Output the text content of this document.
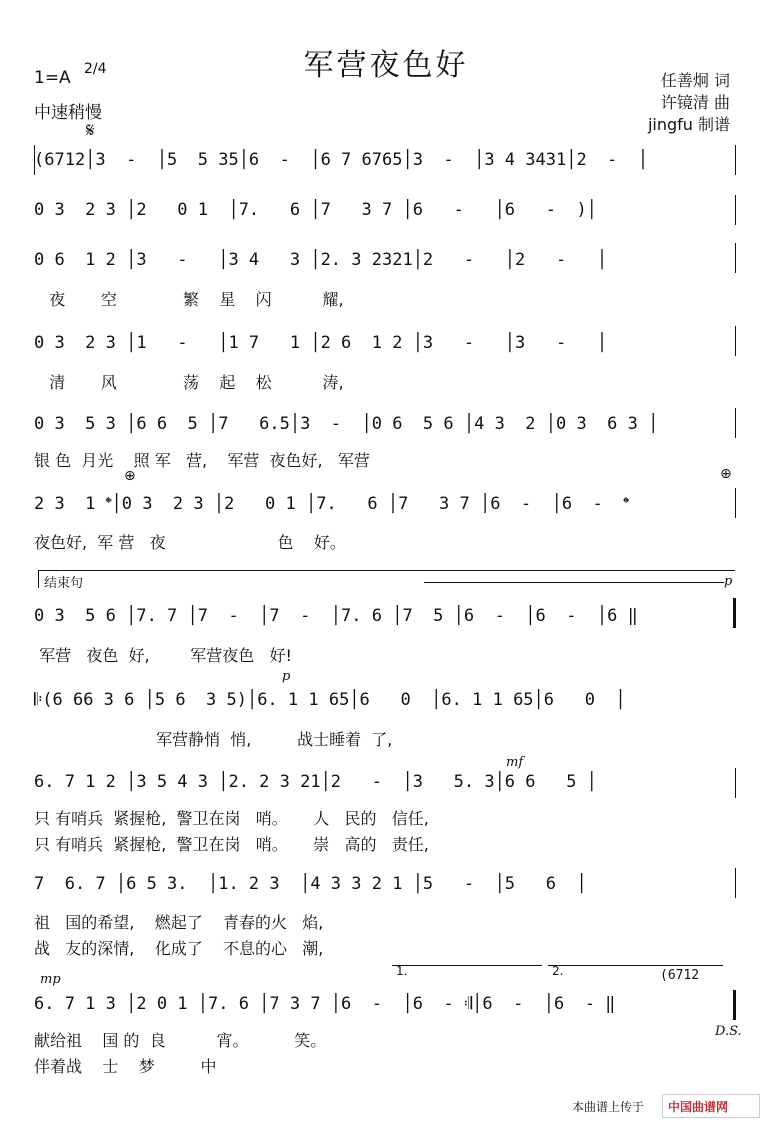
军营夜色好
1=A 2/4
中速稍慢
𝄋
任善炯 词
许镜清 曲
jingfu 制谱
(6712│3  -  │5  5 35│6  -  │6 7 6765│3  -  │3 4 3431│2  -  │
0 3  2 3 │2   0 1  │7.   6 │7   3 7 │6   -   │6   -  )│
0 6  1 2 │3   -   │3 4   3 │2. 3 2321│2   -   │2   -   │
夜       空             繁    星    闪          耀,
0 3  2 3 │1   -   │1 7   1 │2 6  1 2 │3   -   │3   -   │
清       风             荡    起    松          涛,
0 3  5 3 │6 6  5 │7   6.5│3  -  │0 6  5 6 │4 3  2 │0 3  6 3 │
银 色  月光    照 军   营,    军营  夜色好,   军营
⊕	⊕
2 3  1 𝄌│0 3  2 3 │2   0 1 │7.   6 │7   3 7 │6  -  │6  -  𝄌
夜色好,  军 营   夜                      色    好。
结束句	p
0 3  5 6 │7. 7 │7  -  │7  -  │7. 6 │7  5 │6  -  │6  -  │6 ‖
军营   夜色  好,        军营夜色   好!
p
𝄆(6 66 3 6 │5 6  3 5)│6. 1 1 65│6   0  │6. 1 1 65│6   0  │
军营静悄  悄,         战士睡着  了,
mf
6. 7 1 2 │3 5 4 3 │2. 2 3 21│2   -  │3   5. 3│6 6   5 │
只 有哨兵  紧握枪,  警卫在岗   哨。     人   民的   信任,
只 有哨兵  紧握枪,  警卫在岗   哨。     崇   高的   责任,
7  6. 7 │6 5 3.  │1. 2 3  │4 3 3 2 1 │5   -  │5   6  │
祖   国的希望,    燃起了    青春的火   焰,
战   友的深情,    化成了    不息的心   潮,
1.	2.	(6712
mp
6. 7 1 3 │2 0 1 │7. 6 │7 3 7 │6  -  │6  - 𝄇│6  -  │6  - ‖
D.S.
献给祖    国 的  良          宵。         笑。
伴着战    士    梦         中
本曲谱上传于 中国曲谱网
